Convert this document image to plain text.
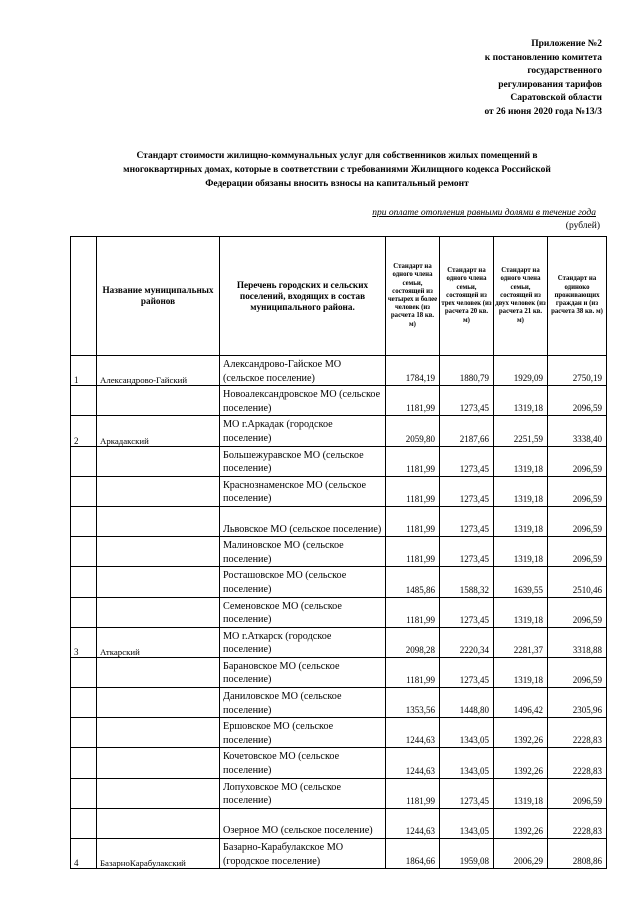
Приложение №2
к постановлению комитета
государственного
регулирования тарифов
Саратовской области
от 26 июня 2020 года №13/3
Стандарт стоимости жилищно-коммунальных услуг для собственников жилых помещений в
многоквартирных домах, которые в соответствии с требованиями Жилищного кодекса Российской
Федерации обязаны вносить взносы на капитальный ремонт
при оплате отопления равными долями в течение года
(рублей)
	Название муниципальных районов	Перечень городских и сельских поселений, входящих в состав муниципального района.	Стандарт на одного члена семьи, состоящей из четырех и более человек (из расчета 18 кв. м)	Стандарт на одного члена семьи, состоящей из трех человек (из расчета 20 кв. м)	Стандарт на одного члена семьи, состоящей из двух человек (из расчета 21 кв. м)	Стандарт на одиноко проживающих граждан и (из расчета 38 кв. м)
1	Александрово-Гайский	Александрово-Гайское МО (сельское поселение)	1784,19	1880,79	1929,09	2750,19
		Новоалександровское МО (сельское поселение)	1181,99	1273,45	1319,18	2096,59
2	Аркадакский	МО г.Аркадак (городское поселение)	2059,80	2187,66	2251,59	3338,40
		Большежуравское МО (сельское поселение)	1181,99	1273,45	1319,18	2096,59
		Краснознаменское МО (сельское поселение)	1181,99	1273,45	1319,18	2096,59
		Львовское МО (сельское поселение)	1181,99	1273,45	1319,18	2096,59
		Малиновское МО (сельское поселение)	1181,99	1273,45	1319,18	2096,59
		Росташовское МО (сельское поселение)	1485,86	1588,32	1639,55	2510,46
		Семеновское МО (сельское поселение)	1181,99	1273,45	1319,18	2096,59
3	Аткарский	МО г.Аткарск (городское поселение)	2098,28	2220,34	2281,37	3318,88
		Барановское МО (сельское поселение)	1181,99	1273,45	1319,18	2096,59
		Даниловское МО (сельское поселение)	1353,56	1448,80	1496,42	2305,96
		Ершовское МО (сельское поселение)	1244,63	1343,05	1392,26	2228,83
		Кочетовское МО (сельское поселение)	1244,63	1343,05	1392,26	2228,83
		Лопуховское МО (сельское поселение)	1181,99	1273,45	1319,18	2096,59
		Озерное МО (сельское поселение)	1244,63	1343,05	1392,26	2228,83
4	БазарноКарабулакский	Базарно-Карабулакское МО (городское поселение)	1864,66	1959,08	2006,29	2808,86
